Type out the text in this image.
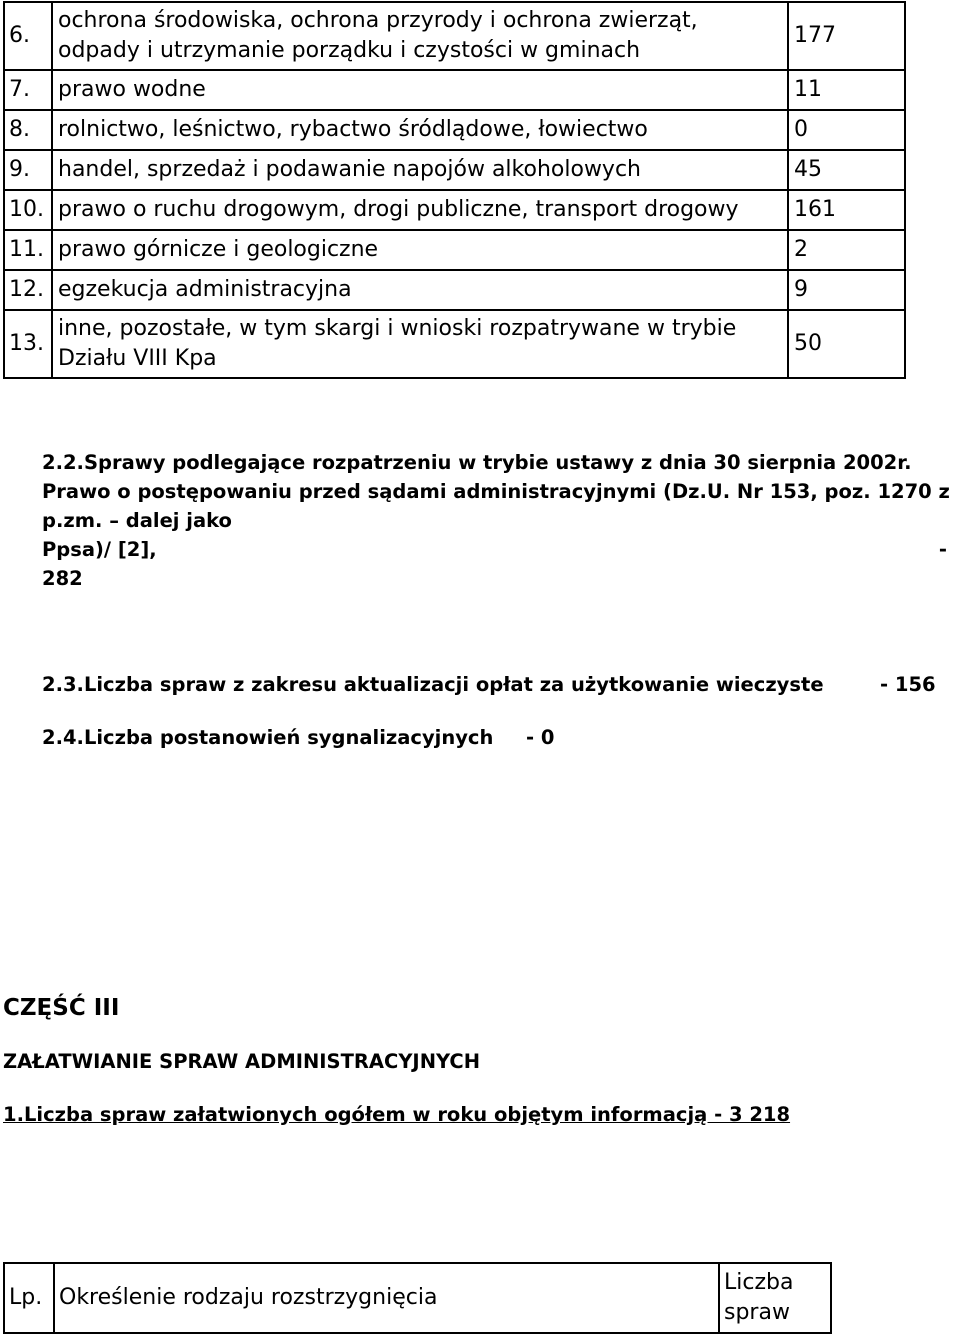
6.	ochrona środowiska, ochrona przyrody i ochrona zwierząt, odpady i utrzymanie porządku i czystości w gminach	177
7.	prawo wodne	11
8.	rolnictwo, leśnictwo, rybactwo śródlądowe, łowiectwo	0
9.	handel, sprzedaż i podawanie napojów alkoholowych	45
10.	prawo o ruchu drogowym, drogi publiczne, transport drogowy	161
11.	prawo górnicze i geologiczne	2
12.	egzekucja administracyjna	9
13.	inne, pozostałe, w tym skargi i wnioski rozpatrywane w trybie Działu VIII Kpa	50
2.2.Sprawy podlegające rozpatrzeniu w trybie ustawy z dnia 30 sierpnia 2002r.
Prawo o postępowaniu przed sądami administracyjnymi (Dz.U. Nr 153, poz. 1270 z
p.zm. – dalej jako
Ppsa)/ [2],	-
282
2.3.Liczba spraw z zakresu aktualizacji opłat za użytkowanie wieczyste	- 156
2.4.Liczba postanowień sygnalizacyjnych - 0
CZĘŚĆ III
ZAŁATWIANIE SPRAW ADMINISTRACYJNYCH
1.Liczba spraw załatwionych ogółem w roku objętym informacją - 3 218
Lp.	Określenie rodzaju rozstrzygnięcia	Liczba spraw
